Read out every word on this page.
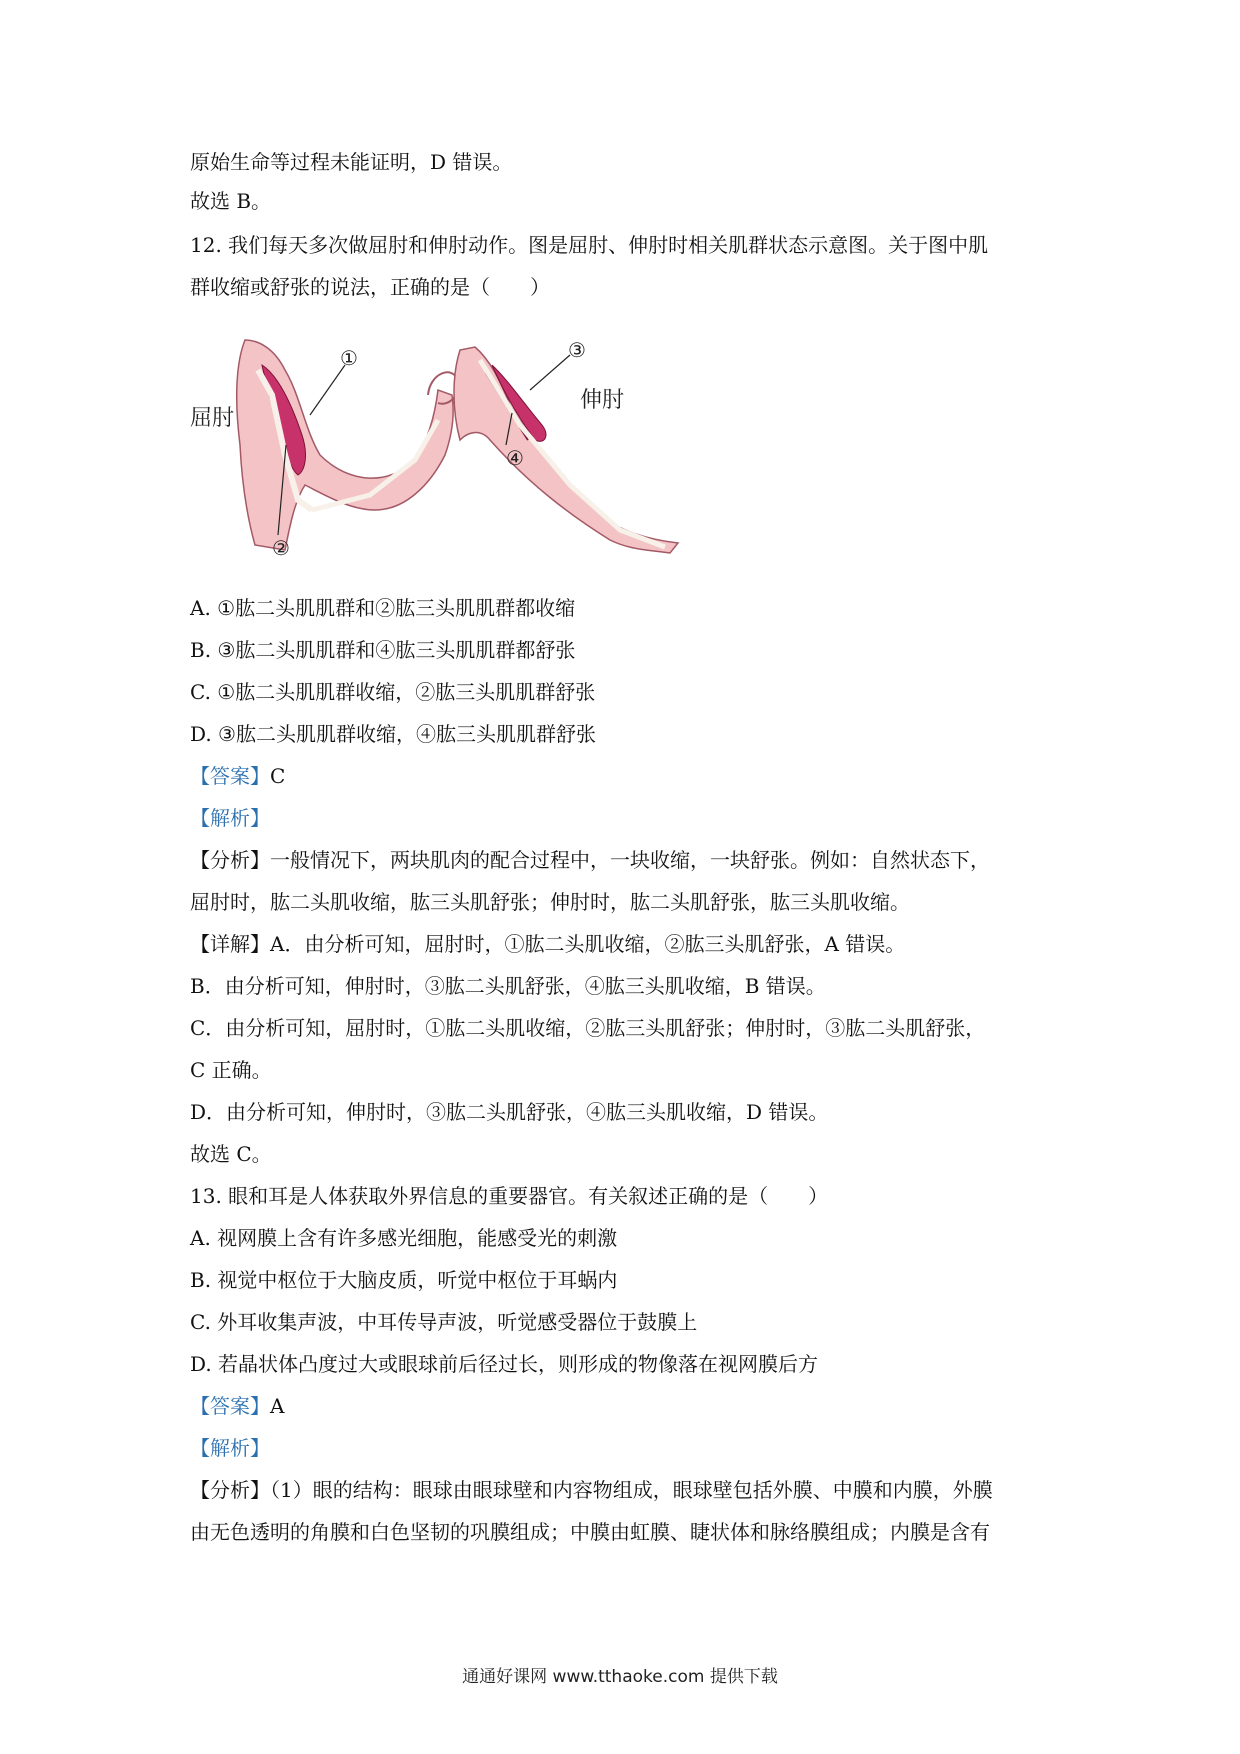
原始生命等过程未能证明，D 错误。
故选 B。
12. 我们每天多次做屈肘和伸肘动作。图是屈肘、伸肘时相关肌群状态示意图。关于图中肌
群收缩或舒张的说法，正确的是（　　）
屈肘
①
②
③
伸肘
④
A. ①肱二头肌肌群和②肱三头肌肌群都收缩
B. ③肱二头肌肌群和④肱三头肌肌群都舒张
C. ①肱二头肌肌群收缩，②肱三头肌肌群舒张
D. ③肱二头肌肌群收缩，④肱三头肌肌群舒张
【答案】C
【解析】
【分析】一般情况下，两块肌肉的配合过程中，一块收缩，一块舒张。例如：自然状态下，
屈肘时，肱二头肌收缩，肱三头肌舒张；伸肘时，肱二头肌舒张，肱三头肌收缩。
【详解】A．由分析可知，屈肘时，①肱二头肌收缩，②肱三头肌舒张，A 错误。
B．由分析可知，伸肘时，③肱二头肌舒张，④肱三头肌收缩，B 错误。
C．由分析可知，屈肘时，①肱二头肌收缩，②肱三头肌舒张；伸肘时，③肱二头肌舒张，
C 正确。
D．由分析可知，伸肘时，③肱二头肌舒张，④肱三头肌收缩，D 错误。
故选 C。
13. 眼和耳是人体获取外界信息的重要器官。有关叙述正确的是（　　）
A. 视网膜上含有许多感光细胞，能感受光的刺激
B. 视觉中枢位于大脑皮质，听觉中枢位于耳蜗内
C. 外耳收集声波，中耳传导声波，听觉感受器位于鼓膜上
D. 若晶状体凸度过大或眼球前后径过长，则形成的物像落在视网膜后方
【答案】A
【解析】
【分析】（1）眼的结构：眼球由眼球壁和内容物组成，眼球壁包括外膜、中膜和内膜，外膜
由无色透明的角膜和白色坚韧的巩膜组成；中膜由虹膜、睫状体和脉络膜组成；内膜是含有
通通好课网 www.tthaoke.com 提供下载
